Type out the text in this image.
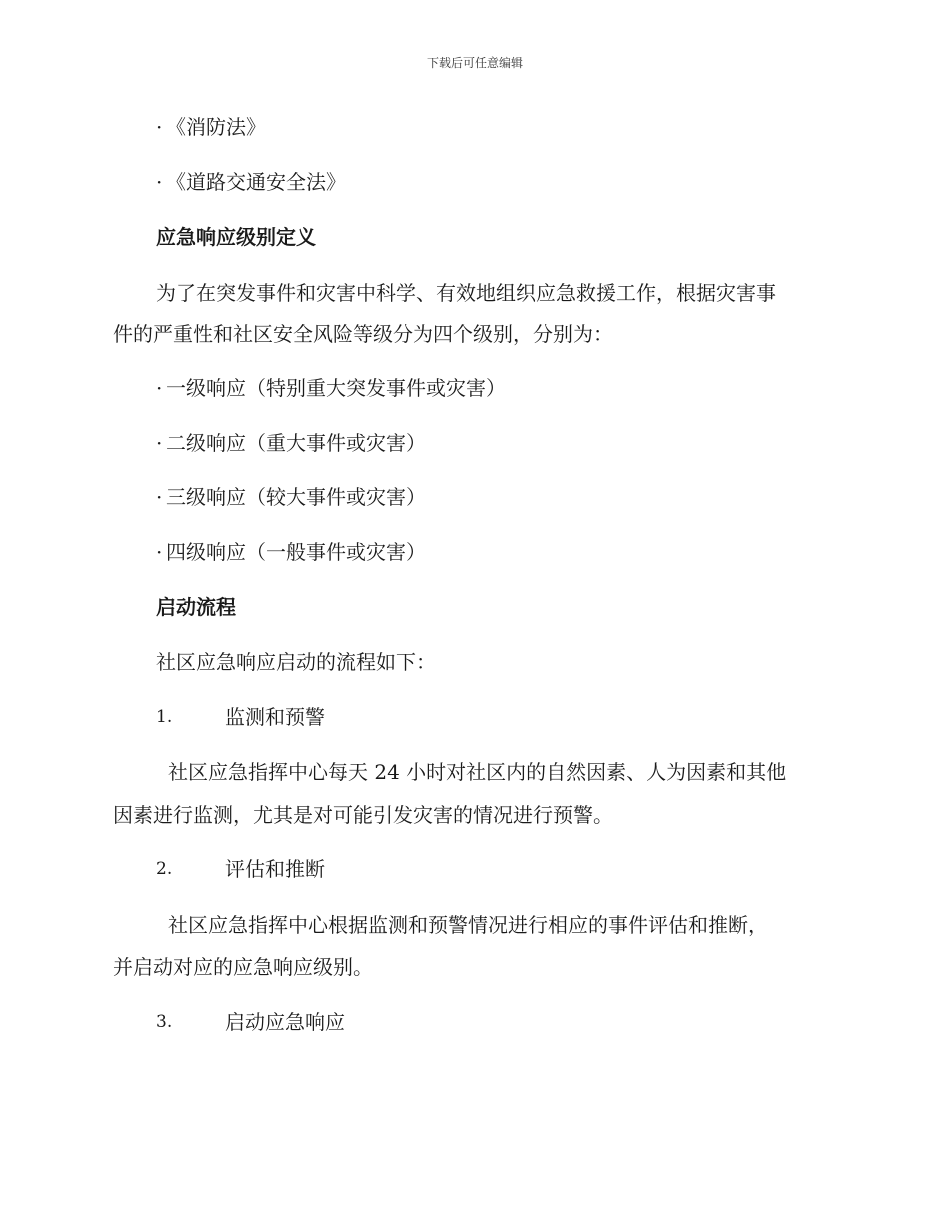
下载后可任意编辑
· 《消防法》
· 《道路交通安全法》
应急响应级别定义
为了在突发事件和灾害中科学、有效地组织应急救援工作，根据灾害事
件的严重性和社区安全风险等级分为四个级别，分别为：
· 一级响应（特别重大突发事件或灾害）
· 二级响应（重大事件或灾害）
· 三级响应（较大事件或灾害）
· 四级响应（一般事件或灾害）
启动流程
社区应急响应启动的流程如下：
1.	监测和预警
社区应急指挥中心每天 24 小时对社区内的自然因素、人为因素和其他
因素进行监测，尤其是对可能引发灾害的情况进行预警。
2.	评估和推断
社区应急指挥中心根据监测和预警情况进行相应的事件评估和推断，
并启动对应的应急响应级别。
3.	启动应急响应
